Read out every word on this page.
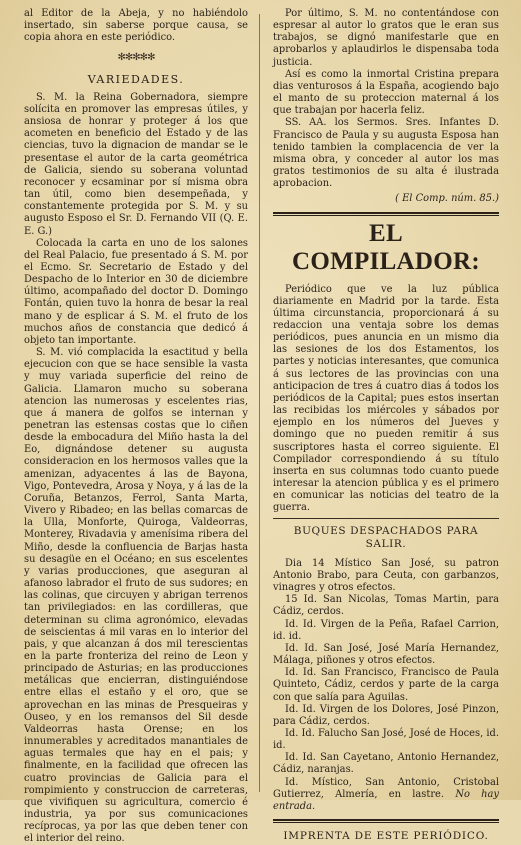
al Editor de la Abeja, y no habiéndolo insertado, sin saberse porque causa, se copia ahora en este periódico.

✻✻✻✻✻
VARIEDADES.

S. M. la Reina Gobernadora, siempre solícita en promover las empresas útiles, y ansiosa de honrar y proteger á los que acometen en beneficio del Estado y de las ciencias, tuvo la dignacion de mandar se le presentase el autor de la carta geométrica de Galicia, siendo su soberana voluntad reconocer y ecsaminar por sí misma obra tan útil, como bien desempeñada, y constantemente protegida por S. M. y su augusto Esposo el Sr. D. Fernando VII (Q. E. E. G.)

Colocada la carta en uno de los salones del Real Palacio, fue presentado á S. M. por el Ecmo. Sr. Secretario de Estado y del Despacho de lo Interior en 30 de diciembre último, acompañado del doctor D. Domingo Fontán, quien tuvo la honra de besar la real mano y de esplicar á S. M. el fruto de los muchos años de constancia que dedicó á objeto tan importante.

S. M. vió complacida la esactitud y bella ejecucion con que se hace sensible la vasta y muy variada superficie del reino de Galicia. Llamaron mucho su soberana atencion las numerosas y escelentes rias, que á manera de golfos se internan y penetran las estensas costas que lo ciñen desde la embocadura del Miño hasta la del Eo, dignándose detener su augusta consideracion en los hermosos valles que la amenizan, adyacentes á las de Bayona, Vigo, Pontevedra, Arosa y Noya, y á las de la Coruña, Betanzos, Ferrol, Santa Marta, Vivero y Ribadeo; en las bellas comarcas de la Ulla, Monforte, Quiroga, Valdeorras, Monterey, Rivadavia y amenísima ribera del Miño, desde la confluencia de Barjas hasta su desagüe en el Océano; en sus escelentes y varias producciones, que aseguran al afanoso labrador el fruto de sus sudores; en las colinas, que circuyen y abrigan terrenos tan privilegiados: en las cordilleras, que determinan su clima agronómico, elevadas de seiscientas á mil varas en lo interior del pais, y que alcanzan á dos mil terescientas en la parte fronteriza del reino de Leon y principado de Asturias; en las producciones metálicas que encierran, distinguiéndose entre ellas el estaño y el oro, que se aprovechan en las minas de Presqueiras y Ouseo, y en los remansos del Sil desde Valdeorras hasta Orense; en los innumerables y acreditados manantiales de aguas termales que hay en el pais; y finalmente, en la facilidad que ofrecen las cuatro provincias de Galicia para el rompimiento y construccion de carreteras, que vivifiquen su agricultura, comercio é industria, ya por sus comunicaciones recíprocas, ya por las que deben tener con el interior del reino.

Por último, S. M. no contentándose con espresar al autor lo gratos que le eran sus trabajos, se dignó manifestarle que en aprobarlos y aplaudirlos le dispensaba toda justicia.

Así es como la inmortal Cristina prepara dias venturosos á la España, acogiendo bajo el manto de su proteccion maternal á los que trabajan por hacerla feliz.

SS. AA. los Sermos. Sres. Infantes D. Francisco de Paula y su augusta Esposa han tenido tambien la complacencia de ver la misma obra, y conceder al autor los mas gratos testimonios de su alta é ilustrada aprobacion.

( El Comp. núm. 85.)

EL COMPILADOR:

Periódico que ve la luz pública diariamente en Madrid por la tarde. Esta última circunstancia, proporcionará á su redaccion una ventaja sobre los demas periódicos, pues anuncia en un mismo dia las sesiones de los dos Estamentos, los partes y noticias interesantes, que comunica á sus lectores de las provincias con una anticipacion de tres á cuatro dias á todos los periódicos de la Capital; pues estos insertan las recibidas los miércoles y sábados por ejemplo en los números del Jueves y domingo que no pueden remitir á sus suscriptores hasta el correo siguiente. El Compilador correspondiendo á su título inserta en sus columnas todo cuanto puede interesar la atencion pública y es el primero en comunicar las noticias del teatro de la guerra.

BUQUES DESPACHADOS PARA SALIR.

Dia 14 Místico San José, su patron Antonio Brabo, para Ceuta, con garbanzos, vinagres y otros efectos.

15 Id. San Nicolas, Tomas Martin, para Cádiz, cerdos.

Id. Id. Virgen de la Peña, Rafael Carrion, id. id.

Id. Id. San José, José María Hernandez, Málaga, piñones y otros efectos.

Id. Id. San Francisco, Francisco de Paula Quinteto, Cádiz, cerdos y parte de la carga con que salía para Aguilas.

Id. Id. Virgen de los Dolores, José Pinzon, para Cádiz, cerdos.

Id. Id. Falucho San José, José de Hoces, id. id.

Id. Id. San Cayetano, Antonio Hernandez, Cádiz, naranjas.

Id. Místico, San Antonio, Cristobal Gutierrez, Almería, en lastre. No hay entrada.

IMPRENTA DE ESTE PERIÓDICO.
